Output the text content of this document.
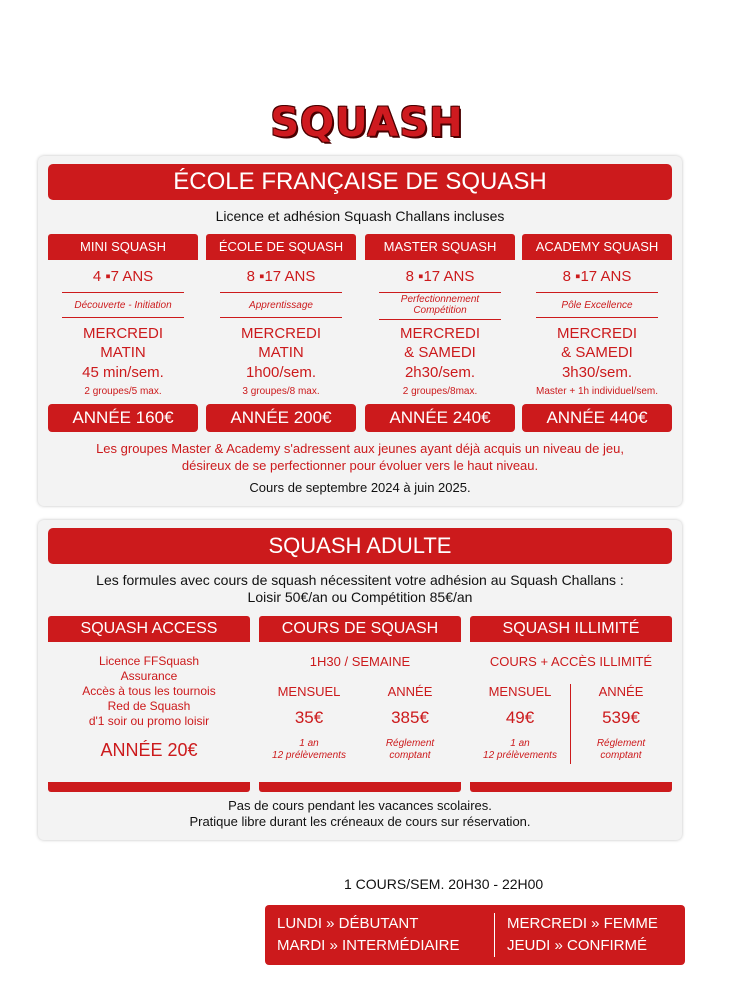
SQUASH
ÉCOLE FRANÇAISE DE SQUASH
Licence et adhésion Squash Challans incluses
MINI SQUASH
4 ▪7 ANS
Découverte - Initiation
MERCREDI
MATIN
45 min/sem.
2 groupes/5 max.
ANNÉE 160€
ÉCOLE DE SQUASH
8 ▪17 ANS
Apprentissage
MERCREDI
MATIN
1h00/sem.
3 groupes/8 max.
ANNÉE 200€
MASTER SQUASH
8 ▪17 ANS
Perfectionnement
Compétition
MERCREDI
& SAMEDI
2h30/sem.
2 groupes/8max.
ANNÉE 240€
ACADEMY SQUASH
8 ▪17 ANS
Pôle Excellence
MERCREDI
& SAMEDI
3h30/sem.
Master + 1h individuel/sem.
ANNÉE 440€
Les groupes Master & Academy s'adressent aux jeunes ayant déjà acquis un niveau de jeu,
désireux de se perfectionner pour évoluer vers le haut niveau.
Cours de septembre 2024 à juin 2025.
SQUASH ADULTE
Les formules avec cours de squash nécessitent votre adhésion au Squash Challans :
Loisir 50€/an ou Compétition 85€/an
SQUASH ACCESS
Licence FFSquash
Assurance
Accès à tous les tournois
Red de Squash
d'1 soir ou promo loisir
ANNÉE 20€
COURS DE SQUASH
1H30 / SEMAINE
MENSUEL
35€
1 an
12 prélèvements
ANNÉE
385€
Réglement
comptant
SQUASH ILLIMITÉ
COURS + ACCÈS ILLIMITÉ
MENSUEL
49€
1 an
12 prélèvements
ANNÉE
539€
Réglement
comptant
Pas de cours pendant les vacances scolaires.
Pratique libre durant les créneaux de cours sur réservation.
1 COURS/SEM. 20H30 - 22H00
LUNDI » DÉBUTANT
MARDI » INTERMÉDIAIRE
MERCREDI » FEMME
JEUDI » CONFIRMÉ
